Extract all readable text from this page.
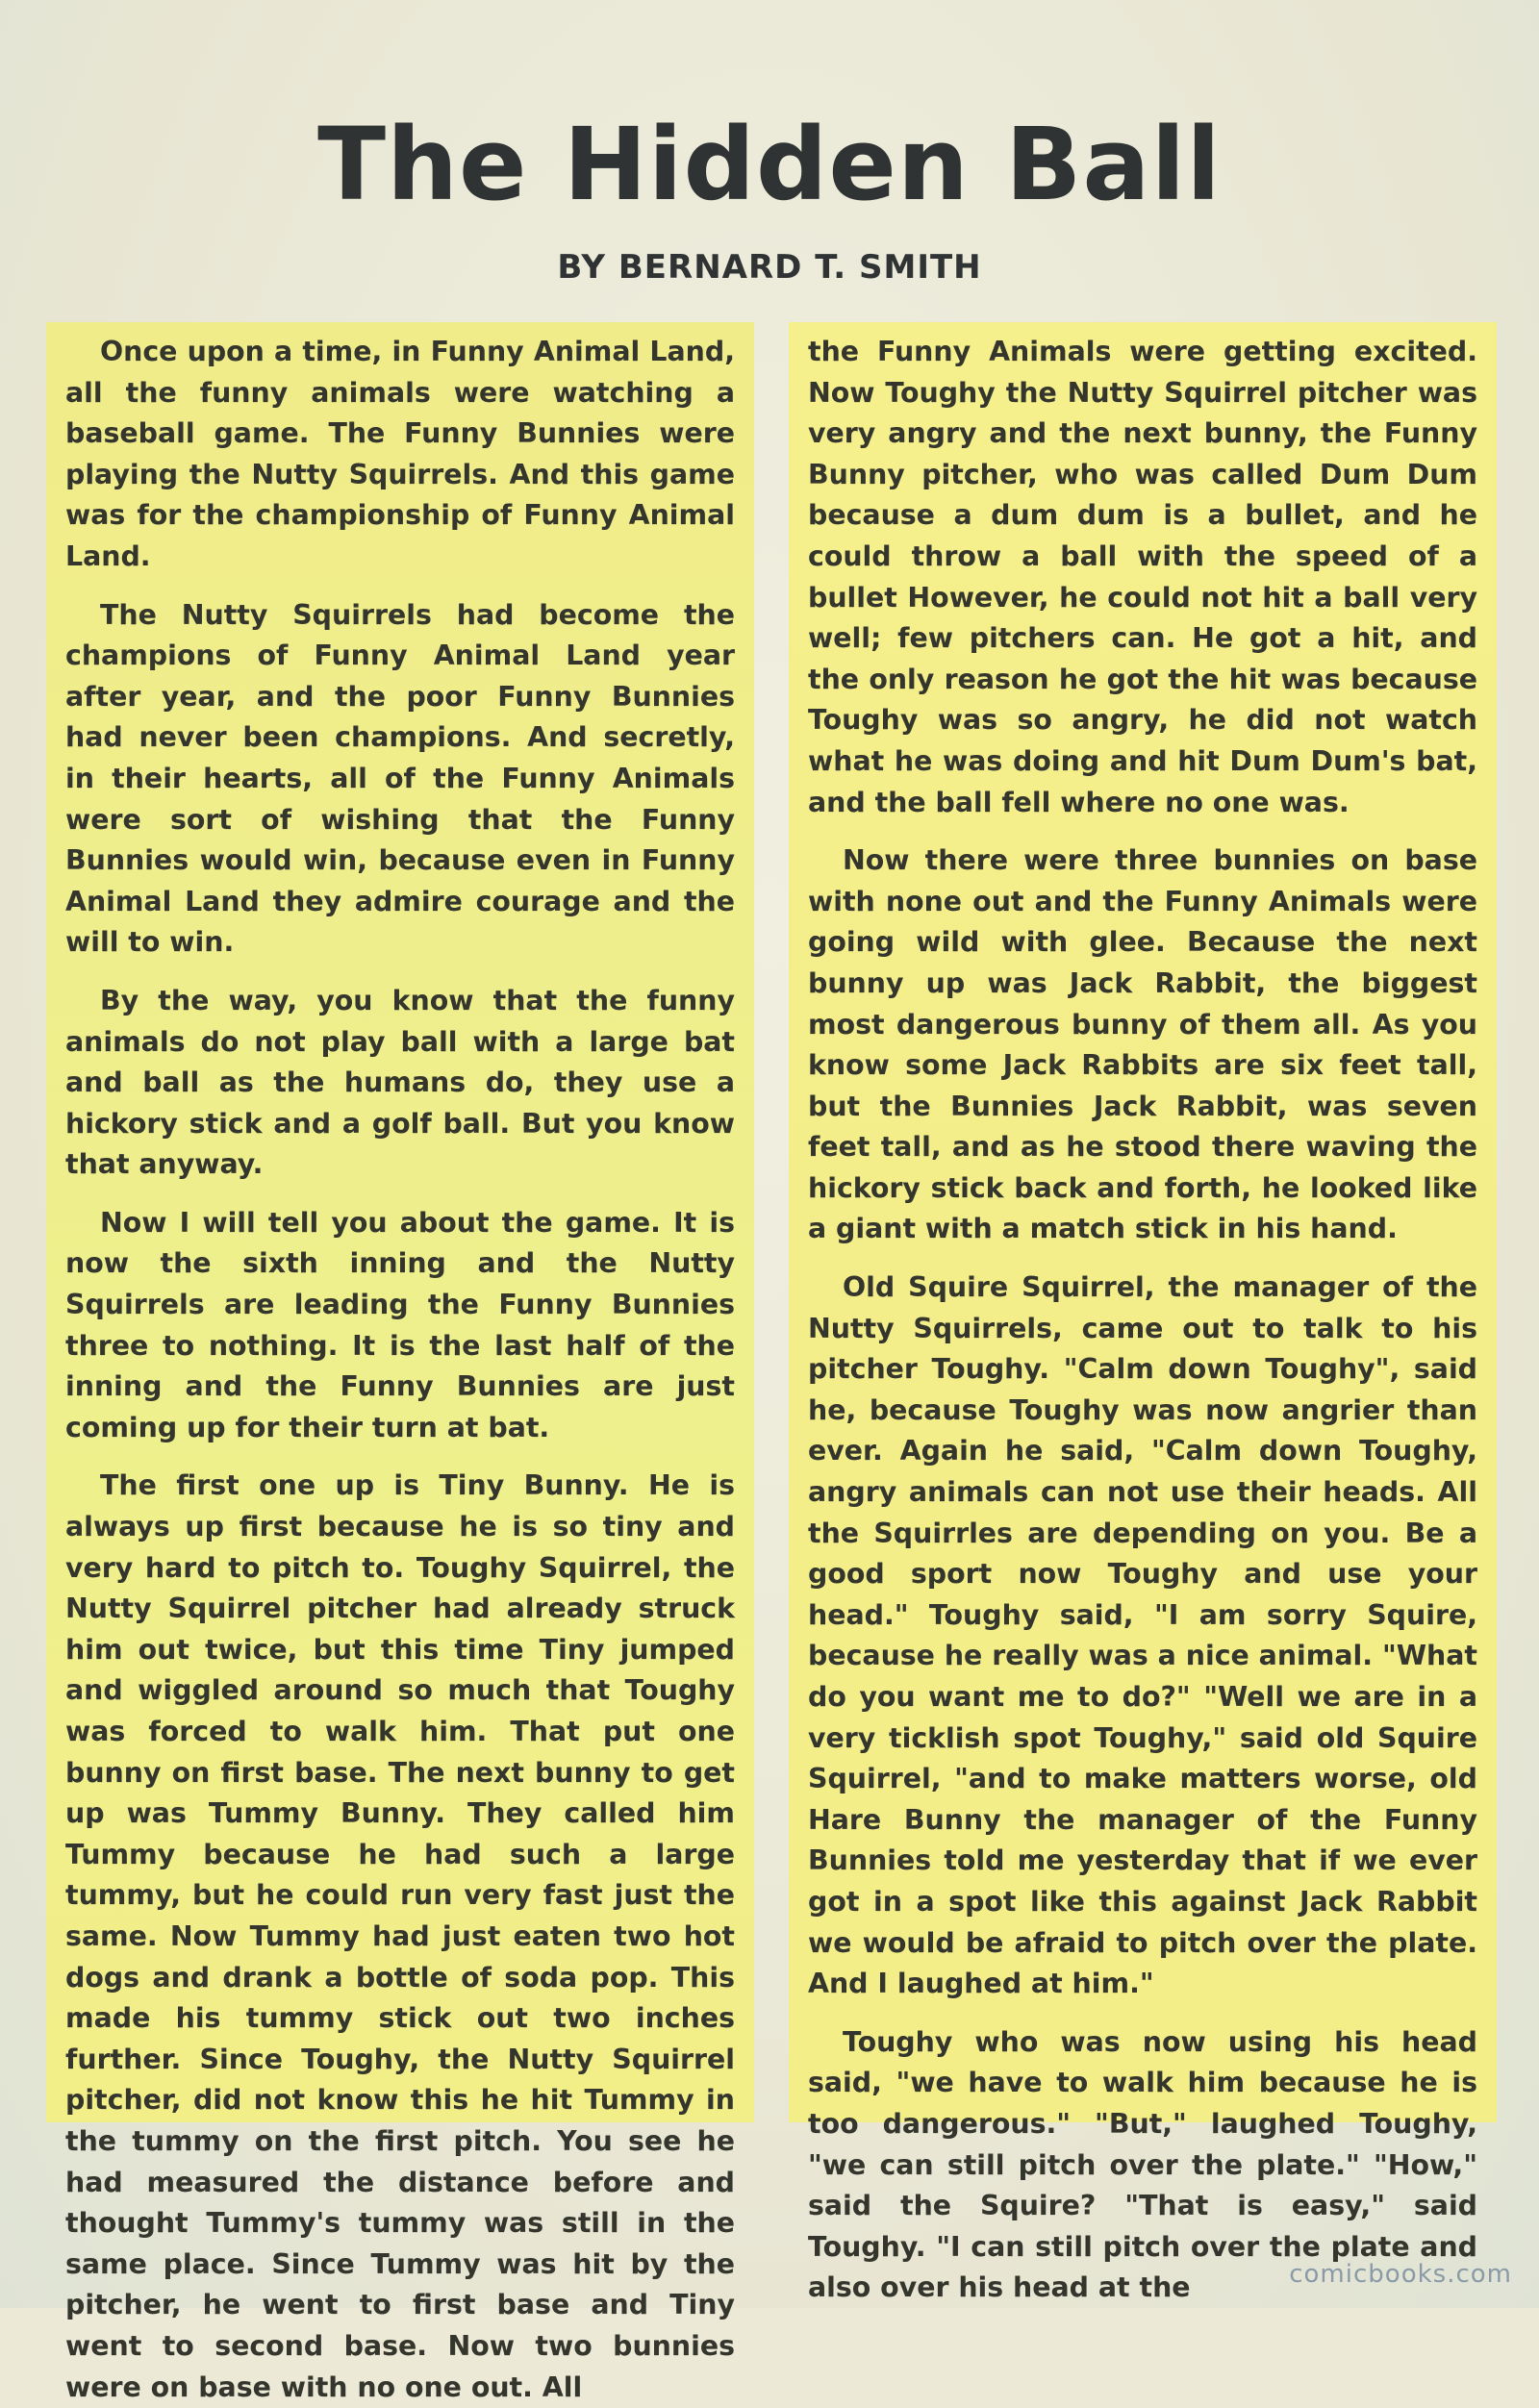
The Hidden Ball
BY BERNARD T. SMITH

Once upon a time, in Funny Animal Land, all the funny animals were watching a baseball game. The Funny Bunnies were playing the Nutty Squirrels. And this game was for the championship of Funny Animal Land.

The Nutty Squirrels had become the champions of Funny Animal Land year after year, and the poor Funny Bunnies had never been champions. And secretly, in their hearts, all of the Funny Animals were sort of wishing that the Funny Bunnies would win, because even in Funny Animal Land they admire courage and the will to win.

By the way, you know that the funny animals do not play ball with a large bat and ball as the humans do, they use a hickory stick and a golf ball. But you know that anyway.

Now I will tell you about the game. It is now the sixth inning and the Nutty Squirrels are leading the Funny Bunnies three to nothing. It is the last half of the inning and the Funny Bunnies are just coming up for their turn at bat.

The first one up is Tiny Bunny. He is always up first because he is so tiny and very hard to pitch to. Toughy Squirrel, the Nutty Squirrel pitcher had already struck him out twice, but this time Tiny jumped and wiggled around so much that Toughy was forced to walk him. That put one bunny on first base. The next bunny to get up was Tummy Bunny. They called him Tummy because he had such a large tummy, but he could run very fast just the same. Now Tummy had just eaten two hot dogs and drank a bottle of soda pop. This made his tummy stick out two inches further. Since Toughy, the Nutty Squirrel pitcher, did not know this he hit Tummy in the tummy on the first pitch. You see he had measured the distance before and thought Tummy's tummy was still in the same place. Since Tummy was hit by the pitcher, he went to first base and Tiny went to second base. Now two bunnies were on base with no one out. All

the Funny Animals were getting excited. Now Toughy the Nutty Squirrel pitcher was very angry and the next bunny, the Funny Bunny pitcher, who was called Dum Dum because a dum dum is a bullet, and he could throw a ball with the speed of a bullet However, he could not hit a ball very well; few pitchers can. He got a hit, and the only reason he got the hit was because Toughy was so angry, he did not watch what he was doing and hit Dum Dum's bat, and the ball fell where no one was.

Now there were three bunnies on base with none out and the Funny Animals were going wild with glee. Because the next bunny up was Jack Rabbit, the biggest most dangerous bunny of them all. As you know some Jack Rabbits are six feet tall, but the Bunnies Jack Rabbit, was seven feet tall, and as he stood there waving the hickory stick back and forth, he looked like a giant with a match stick in his hand.

Old Squire Squirrel, the manager of the Nutty Squirrels, came out to talk to his pitcher Toughy. "Calm down Toughy", said he, because Toughy was now angrier than ever. Again he said, "Calm down Toughy, angry animals can not use their heads. All the Squirrles are depending on you. Be a good sport now Toughy and use your head." Toughy said, "I am sorry Squire, because he really was a nice animal. "What do you want me to do?" "Well we are in a very ticklish spot Toughy," said old Squire Squirrel, "and to make matters worse, old Hare Bunny the manager of the Funny Bunnies told me yesterday that if we ever got in a spot like this against Jack Rabbit we would be afraid to pitch over the plate. And I laughed at him."

Toughy who was now using his head said, "we have to walk him because he is too dangerous." "But," laughed Toughy, "we can still pitch over the plate." "How," said the Squire? "That is easy," said Toughy. "I can still pitch over the plate and also over his head at the	comicbooks.com
